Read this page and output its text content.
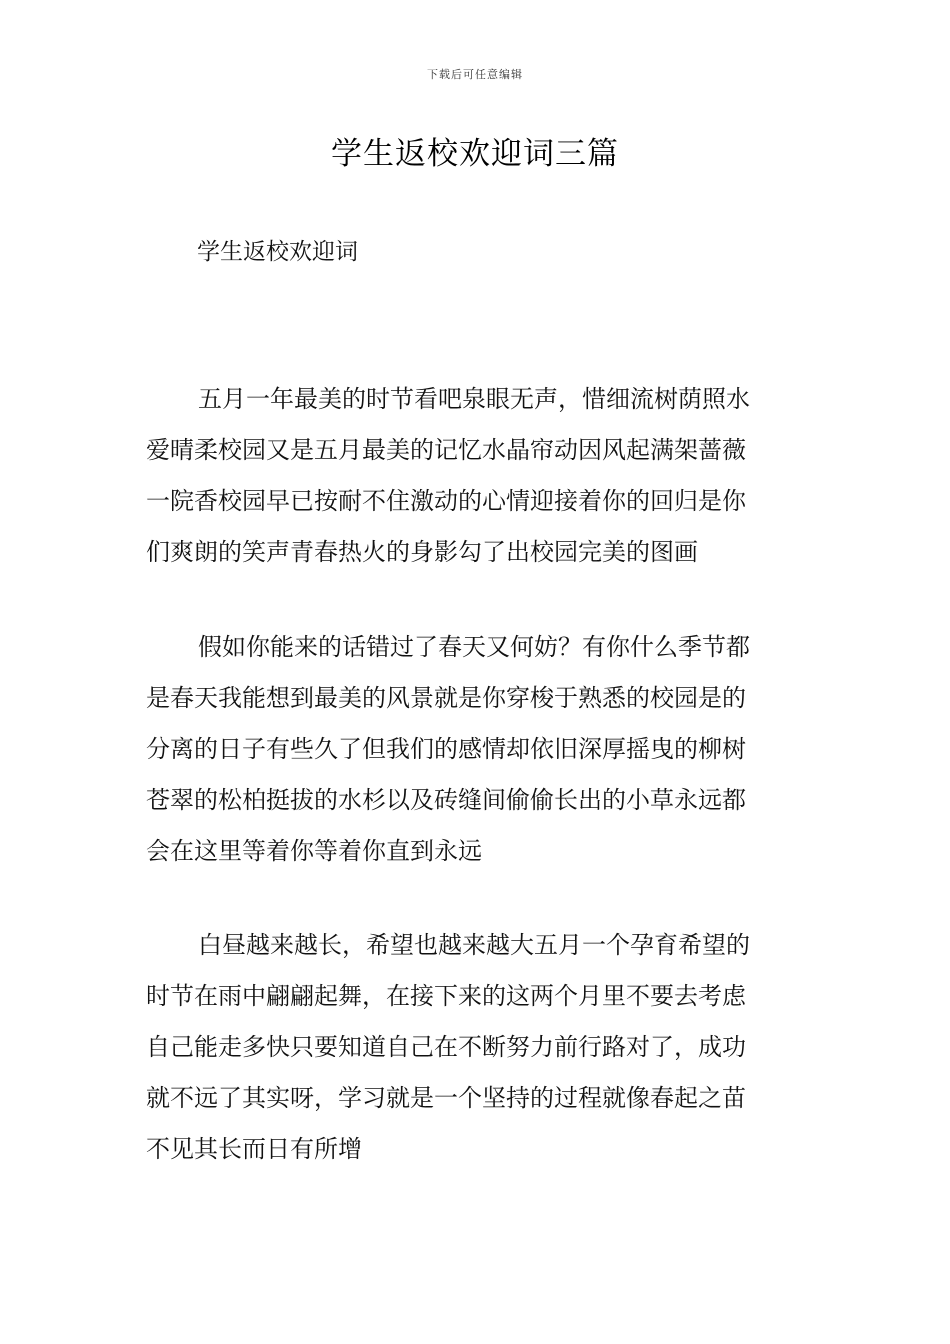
下载后可任意编辑
学生返校欢迎词三篇
学生返校欢迎词
五月一年最美的时节看吧泉眼无声，惜细流树荫照水
爱晴柔校园又是五月最美的记忆水晶帘动因风起满架蔷薇
一院香校园早已按耐不住激动的心情迎接着你的回归是你
们爽朗的笑声青春热火的身影勾了出校园完美的图画
假如你能来的话错过了春天又何妨？有你什么季节都
是春天我能想到最美的风景就是你穿梭于熟悉的校园是的
分离的日子有些久了但我们的感情却依旧深厚摇曳的柳树
苍翠的松柏挺拔的水杉以及砖缝间偷偷长出的小草永远都
会在这里等着你等着你直到永远
白昼越来越长，希望也越来越大五月一个孕育希望的
时节在雨中翩翩起舞，在接下来的这两个月里不要去考虑
自己能走多快只要知道自己在不断努力前行路对了，成功
就不远了其实呀，学习就是一个坚持的过程就像春起之苗
不见其长而日有所增
